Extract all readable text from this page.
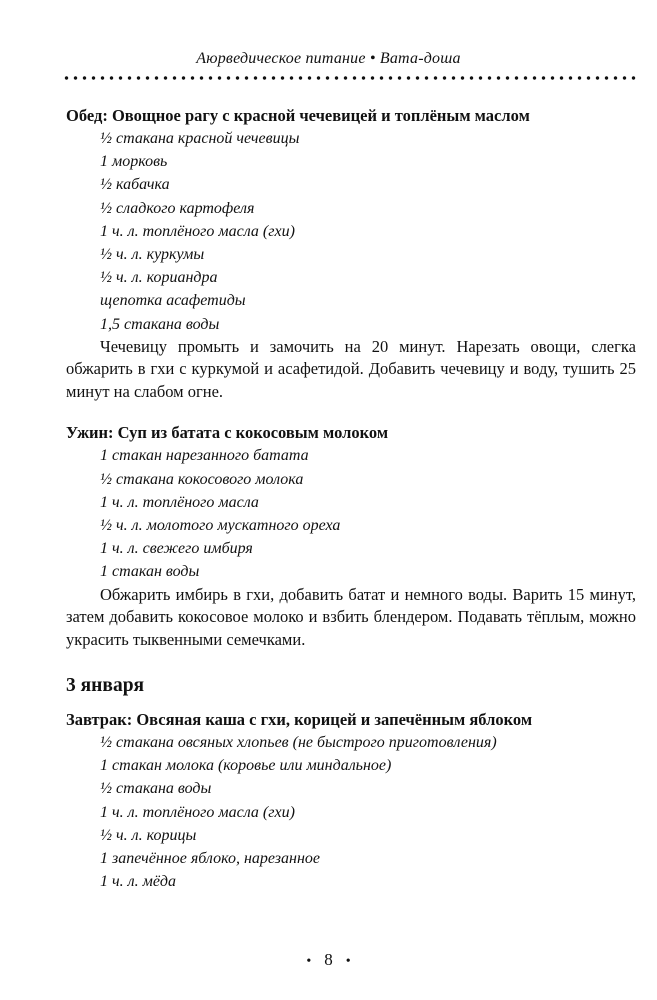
Аюрведическое питание • Вата-доша
Обед: Овощное рагу с красной чечевицей и топлёным маслом
½ стакана красной чечевицы
1 морковь
½ кабачка
½ сладкого картофеля
1 ч. л. топлёного масла (гхи)
½ ч. л. куркумы
½ ч. л. кориандра
щепотка асафетиды
1,5 стакана воды

Чечевицу промыть и замочить на 20 минут. Нарезать овощи, слегка обжарить в гхи с куркумой и асафетидой. Добавить чечевицу и воду, тушить 25 минут на слабом огне.

Ужин: Суп из батата с кокосовым молоком
1 стакан нарезанного батата
½ стакана кокосового молока
1 ч. л. топлёного масла
½ ч. л. молотого мускатного ореха
1 ч. л. свежего имбиря
1 стакан воды

Обжарить имбирь в гхи, добавить батат и немного воды. Варить 15 минут, затем добавить кокосовое молоко и взбить блендером. Подавать тёплым, можно украсить тыквенными семечками.

3 января
Завтрак: Овсяная каша с гхи, корицей и запечённым яблоком
½ стакана овсяных хлопьев (не быстрого приготовления)
1 стакан молока (коровье или миндальное)
½ стакана воды
1 ч. л. топлёного масла (гхи)
½ ч. л. корицы
1 запечённое яблоко, нарезанное
1 ч. л. мёда
• 8 •
